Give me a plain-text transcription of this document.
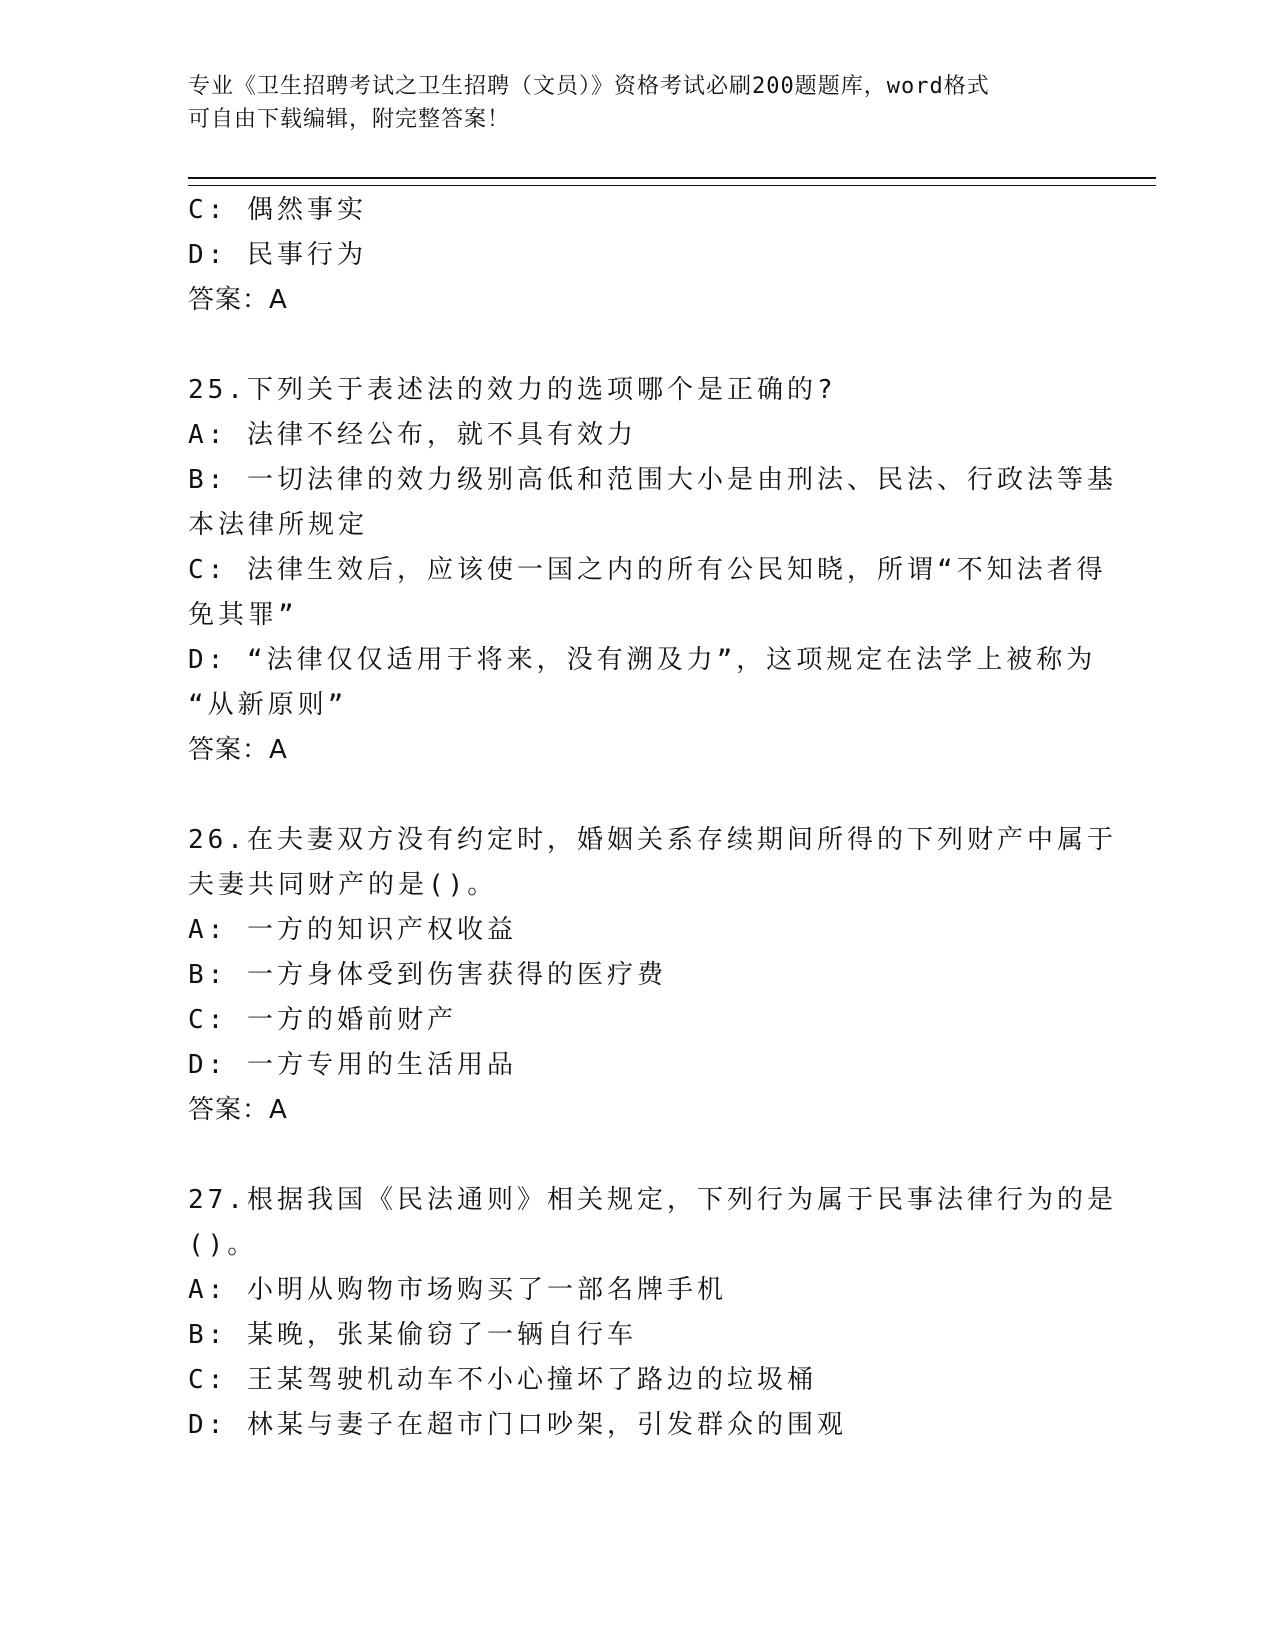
专业《卫生招聘考试之卫生招聘（文员）》资格考试必刷200题题库，word格式
可自由下载编辑，附完整答案！
C: 偶然事实
D: 民事行为
答案：A
25.下列关于表述法的效力的选项哪个是正确的?
A: 法律不经公布，就不具有效力
B: 一切法律的效力级别高低和范围大小是由刑法、民法、行政法等基
本法律所规定
C: 法律生效后，应该使一国之内的所有公民知晓，所谓“不知法者得
免其罪”
D: “法律仅仅适用于将来，没有溯及力”，这项规定在法学上被称为
“从新原则”
答案：A
26.在夫妻双方没有约定时，婚姻关系存续期间所得的下列财产中属于
夫妻共同财产的是()。
A: 一方的知识产权收益
B: 一方身体受到伤害获得的医疗费
C: 一方的婚前财产
D: 一方专用的生活用品
答案：A
27.根据我国《民法通则》相关规定，下列行为属于民事法律行为的是
()。
A: 小明从购物市场购买了一部名牌手机
B: 某晚，张某偷窃了一辆自行车
C: 王某驾驶机动车不小心撞坏了路边的垃圾桶
D: 林某与妻子在超市门口吵架，引发群众的围观
